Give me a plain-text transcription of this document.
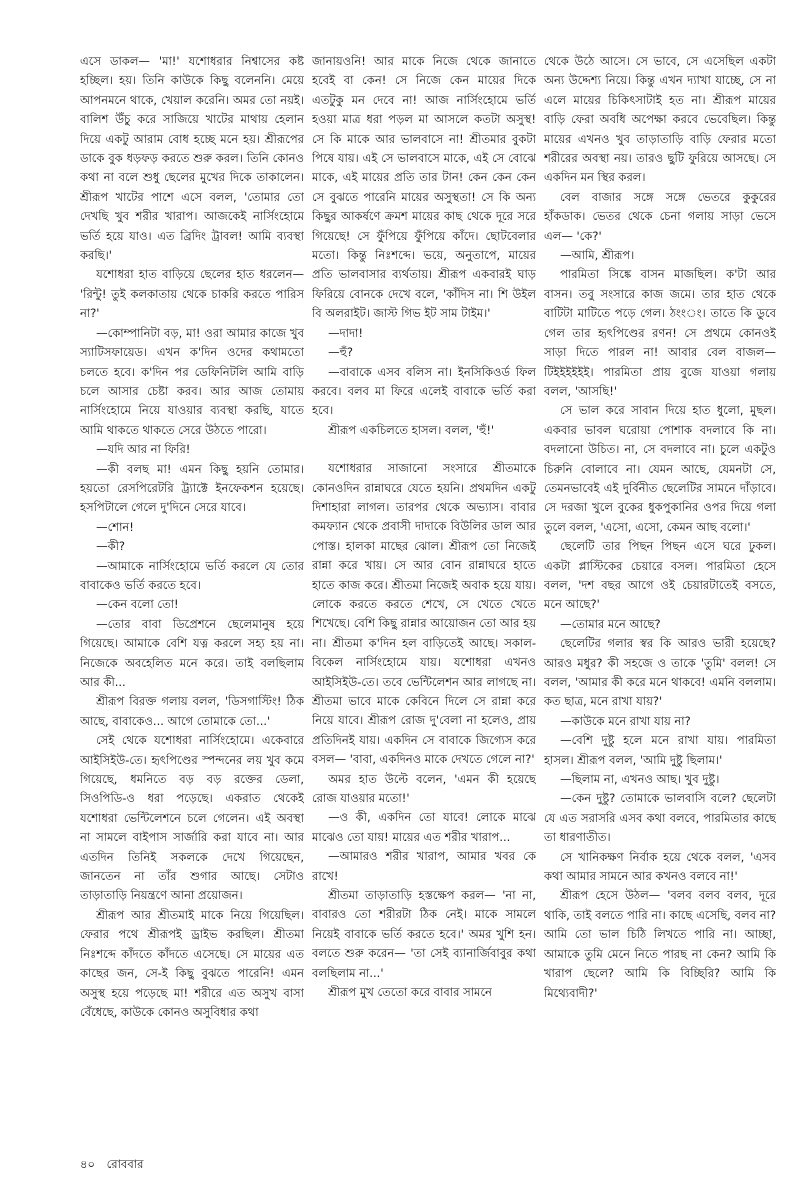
এসে ডাকল— 'মা!' যশোধরার নিশ্বাসের কষ্ট হচ্ছিল। হয়। তিনি কাউকে কিছু বলেননি। মেয়ে আপনমনে থাকে, খেয়াল করেনি। অমর তো নয়ই। বালিশ উঁচু করে সাজিয়ে খাটের মাথায় হেলান দিয়ে একটু আরাম বোধ হচ্ছে মনে হয়। শ্রীরূপের ডাকে বুক ধড়ফড় করতে শুরু করল। তিনি কোনও কথা না বলে শুধু ছেলের মুখের দিকে তাকালেন। শ্রীরূপ খাটের পাশে এসে বলল, 'তোমার তো দেখছি খুব শরীর খারাপ। আজকেই নার্সিংহোমে ভর্তি হয়ে যাও। এত ব্রিদিং ট্রাবল! আমি ব্যবস্থা করছি।'

যশোধরা হাত বাড়িয়ে ছেলের হাত ধরলেন— 'রিন্টু! তুই কলকাতায় থেকে চাকরি করতে পারিস না?'

—কোম্পানিটা বড়, মা! ওরা আমার কাজে খুব স্যাটিসফায়েড। এখন ক'দিন ওদের কথামতো চলতে হবে। ক'দিন পর ডেফিনিটলি আমি বাড়ি চলে আসার চেষ্টা করব। আর আজ তোমায় নার্সিংহোমে নিয়ে যাওয়ার ব্যবস্থা করছি, যাতে আমি থাকতে থাকতে সেরে উঠতে পারো।

—যদি আর না ফিরি!

—কী বলছ মা! এমন কিছু হয়নি তোমার। হয়তো রেসপিরেটরি ট্র্যাক্টে ইনফেকশন হয়েছে। হসপিটালে গেলে দু'দিনে সেরে যাবে।

—শোন!

—কী?

—আমাকে নার্সিংহোমে ভর্তি করলে যে তোর বাবাকেও ভর্তি করতে হবে।

—কেন বলো তো!

—তোর বাবা ডিপ্রেশনে ছেলেমানুষ হয়ে গিয়েছে। আমাকে বেশি যত্ন করলে সহ্য হয় না। নিজেকে অবহেলিত মনে করে। তাই বলছিলাম আর কী...

শ্রীরূপ বিরক্ত গলায় বলল, 'ডিসগাস্টিং! ঠিক আছে, বাবাকেও... আগে তোমাকে তো...'

সেই থেকে যশোধরা নার্সিংহোমে। একেবারে আইসিইউ-তে। হৃৎপিণ্ডের স্পন্দনের লয় খুব কমে গিয়েছে, ধমনিতে বড় বড় রক্তের ডেলা, সিওপিডি-ও ধরা পড়েছে। একরাত থেকেই যশোধরা ভেন্টিলেশনে চলে গেলেন। এই অবস্থা না সামলে বাইপাস সার্জারি করা যাবে না। আর এতদিন তিনিই সকলকে দেখে গিয়েছেন, জানতেন না তাঁর শুগার আছে। সেটাও তাড়াতাড়ি নিয়ন্ত্রণে আনা প্রয়োজন।

শ্রীরূপ আর শ্রীতমাই মাকে নিয়ে গিয়েছিল। ফেরার পথে শ্রীরূপই ড্রাইভ করছিল। শ্রীতমা নিঃশব্দে কাঁদতে কাঁদতে এসেছে। সে মায়ের এত কাছের জন, সে-ই কিছু বুঝতে পারেনি! এমন অসুস্থ হয়ে পড়েছে মা! শরীরে এত অসুখ বাসা বেঁধেছে, কাউকে কোনও অসুবিধার কথা

জানায়ওনি! আর মাকে নিজে থেকে জানাতে হবেই বা কেন! সে নিজে কেন মায়ের দিকে এতটুকু মন দেবে না! আজ নার্সিংহোমে ভর্তি হওয়া মাত্র ধরা পড়ল মা আসলে কতটা অসুস্থ! সে কি মাকে আর ভালবাসে না! শ্রীতমার বুকটা পিষে যায়। এই সে ভালবাসে মাকে, এই সে বোঝে মাকে, এই মায়ের প্রতি তার টান! কেন কেন কেন সে বুঝতে পারেনি মায়ের অসুস্থতা! সে কি অন্য কিছুর আকর্ষণে ক্রমশ মায়ের কাছ থেকে দূরে সরে গিয়েছে! সে ফুঁপিয়ে ফুঁপিয়ে কাঁদে। ছোটবেলার মতো। কিন্তু নিঃশব্দে। ভয়ে, অনুতাপে, মায়ের প্রতি ভালবাসার ব্যর্থতায়। শ্রীরূপ একবারই ঘাড় ফিরিয়ে বোনকে দেখে বলে, 'কাঁদিস না। শি উইল বি অলরাইট। জাস্ট গিভ ইট সাম টাইম।'

—দাদা!

—হুঁ?

—বাবাকে এসব বলিস না। ইনসিকিওর্ড ফিল করবে। বলব মা ফিরে এলেই বাবাকে ভর্তি করা হবে।

শ্রীরূপ একচিলতে হাসল। বলল, 'হুঁ!'

যশোধরার সাজানো সংসারে শ্রীতমাকে কোনওদিন রান্নাঘরে যেতে হয়নি। প্রথমদিন একটু দিশাহারা লাগল। তারপর থেকে অভ্যাস। বাবার কমফ্যান থেকে প্রবাসী দাদাকে বিউলির ডাল আর পোস্ত। হালকা মাছের ঝোল। শ্রীরূপ তো নিজেই রান্না করে খায়। সে আর বোন রান্নাঘরে হাতে হাতে কাজ করে। শ্রীতমা নিজেই অবাক হয়ে যায়। লোকে করতে করতে শেখে, সে খেতে খেতে শিখেছে। বেশি কিছু রান্নার আয়োজন তো আর হয় না। শ্রীতমা ক'দিন হল বাড়িতেই আছে। সকাল-বিকেল নার্সিংহোমে যায়। যশোধরা এখনও আইসিইউ-তে। তবে ভেন্টিলেশন আর লাগছে না। শ্রীতমা ভাবে মাকে কেবিনে দিলে সে রান্না করে নিয়ে যাবে। শ্রীরূপ রোজ দু'বেলা না হলেও, প্রায় প্রতিদিনই যায়। একদিন সে বাবাকে জিগ্যেস করে বসল— 'বাবা, একদিনও মাকে দেখতে গেলে না?'

অমর হাত উল্টে বলেন, 'এমন কী হয়েছে রোজ যাওয়ার মতো!'

—ও কী, একদিন তো যাবে! লোকে মাঝে মাঝেও তো যায়! মায়ের এত শরীর খারাপ...

—আমারও শরীর খারাপ, আমার খবর কে রাখে!

শ্রীতমা তাড়াতাড়ি হস্তক্ষেপ করল— 'না না, বাবারও তো শরীরটা ঠিক নেই। মাকে সামলে নিয়েই বাবাকে ভর্তি করতে হবে।' অমর খুশি হন। বলতে শুরু করেন— 'তা সেই ব্যানার্জিবাবুর কথা বলছিলাম না...'

শ্রীরূপ মুখ তেতো করে বাবার সামনে

থেকে উঠে আসে। সে ভাবে, সে এসেছিল একটা অন্য উদ্দেশ্য নিয়ে। কিন্তু এখন দ্যাখা যাচ্ছে, সে না এলে মায়ের চিকিৎসাটাই হত না। শ্রীরূপ মায়ের বাড়ি ফেরা অবধি অপেক্ষা করবে ভেবেছিল। কিন্তু মায়ের এখনও খুব তাড়াতাড়ি বাড়ি ফেরার মতো শরীরের অবস্থা নয়। তারও ছুটি ফুরিয়ে আসছে। সে একদিন মন স্থির করল।

বেল বাজার সঙ্গে সঙ্গে ভেতরে কুকুরের হাঁকডাক। ভেতর থেকে চেনা গলায় সাড়া ভেসে এল— 'কে?'

—আমি, শ্রীরূপ।

পারমিতা সিঙ্কে বাসন মাজছিল। ক'টা আর বাসন। তবু সংসারে কাজ জমে। তার হাত থেকে বাটিটা মাটিতে পড়ে গেল। ঠংংং। তাতে কি ডুবে গেল তার হৃৎপিণ্ডের রণন! সে প্রথমে কোনওই সাড়া দিতে পারল না! আবার বেল বাজল— টিইইইইইই। পারমিতা প্রায় বুজে যাওয়া গলায় বলল, 'আসছি!'

সে ভাল করে সাবান দিয়ে হাত ধুলো, মুছল। একবার ভাবল ঘরোয়া পোশাক বদলাবে কি না। বদলানো উচিত। না, সে বদলাবে না। চুলে একটুও চিরুনি বোলাবে না। যেমন আছে, যেমনটা সে, তেমনভাবেই এই দুর্বিনীত ছেলেটির সামনে দাঁড়াবে। সে দরজা খুলে বুকের ধুকপুকানির ওপর দিয়ে গলা তুলে বলল, 'এসো, এসো, কেমন আছ বলো।'

ছেলেটি তার পিছন পিছন এসে ঘরে ঢুকল। একটা প্লাস্টিকের চেয়ারে বসল। পারমিতা হেসে বলল, 'দশ বছর আগে ওই চেয়ারটাতেই বসতে, মনে আছে?'

—তোমার মনে আছে?

ছেলেটির গলার স্বর কি আরও ভারী হয়েছে? আরও মধুর? কী সহজে ও তাকে 'তুমি' বলল! সে বলল, 'আমার কী করে মনে থাকবে! এমনি বললাম। কত ছাত্র, মনে রাখা যায়?'

—কাউকে মনে রাখা যায় না?

—বেশি দুষ্টু হলে মনে রাখা যায়। পারমিতা হাসল। শ্রীরূপ বলল, 'আমি দুষ্টু ছিলাম।'

—ছিলাম না, এখনও আছ। খুব দুষ্টু।

—কেন দুষ্টু? তোমাকে ভালবাসি বলে? ছেলেটা যে এত সরাসরি এসব কথা বলবে, পারমিতার কাছে তা ধারণাতীত।

সে খানিকক্ষণ নির্বাক হয়ে থেকে বলল, 'এসব কথা আমার সামনে আর কখনও বলবে না!'

শ্রীরূপ হেসে উঠল— 'বলব বলব বলব, দূরে থাকি, তাই বলতে পারি না। কাছে এসেছি, বলব না? আমি তো ভাল চিঠি লিখতে পারি না। আচ্ছা, আমাকে তুমি মেনে নিতে পারছ না কেন? আমি কি খারাপ ছেলে? আমি কি বিচ্ছিরি? আমি কি মিথ্যেবাদী?'

৪০ রোববার
